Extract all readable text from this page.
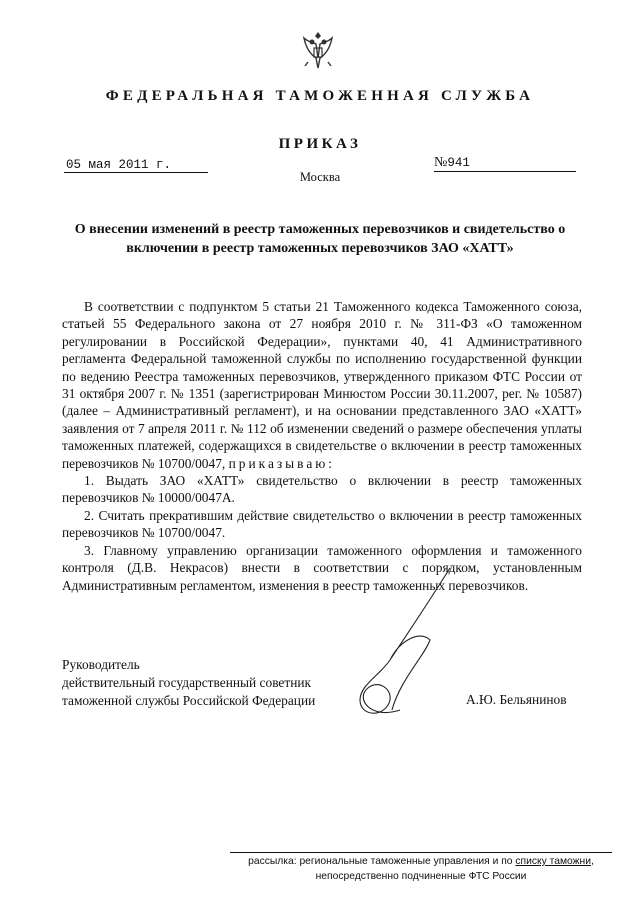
ФЕДЕРАЛЬНАЯ ТАМОЖЕННАЯ СЛУЖБА
ПРИКАЗ
05 мая 2011 г.	№941
Москва
О внесении изменений в реестр таможенных перевозчиков и свидетельство о включении в реестр таможенных перевозчиков ЗАО «ХАТТ»

В соответствии с подпунктом 5 статьи 21 Таможенного кодекса Таможенного союза, статьей 55 Федерального закона от 27 ноября 2010 г. № 311-ФЗ «О таможенном регулировании в Российской Федерации», пунктами 40, 41 Административного регламента Федеральной таможенной службы по исполнению государственной функции по ведению Реестра таможенных перевозчиков, утвержденного приказом ФТС России от 31 октября 2007 г. № 1351 (зарегистрирован Минюстом России 30.11.2007, рег. № 10587) (далее – Административный регламент), и на основании представленного ЗАО «ХАТТ» заявления от 7 апреля 2011 г. № 112 об изменении сведений о размере обеспечения уплаты таможенных платежей, содержащихся в свидетельстве о включении в реестр таможенных перевозчиков № 10700/0047, приказываю:

1. Выдать ЗАО «ХАТТ» свидетельство о включении в реестр таможенных перевозчиков № 10000/0047А.

2. Считать прекратившим действие свидетельство о включении в реестр таможенных перевозчиков № 10700/0047.

3. Главному управлению организации таможенного оформления и таможенного контроля (Д.В. Некрасов) внести в соответствии с порядком, установленным Административным регламентом, изменения в реестр таможенных перевозчиков.

Руководитель
действительный государственный советник
таможенной службы Российской Федерации	А.Ю. Бельянинов
рассылка: региональные таможенные управления и по списку таможни,
непосредственно подчиненные ФТС России
